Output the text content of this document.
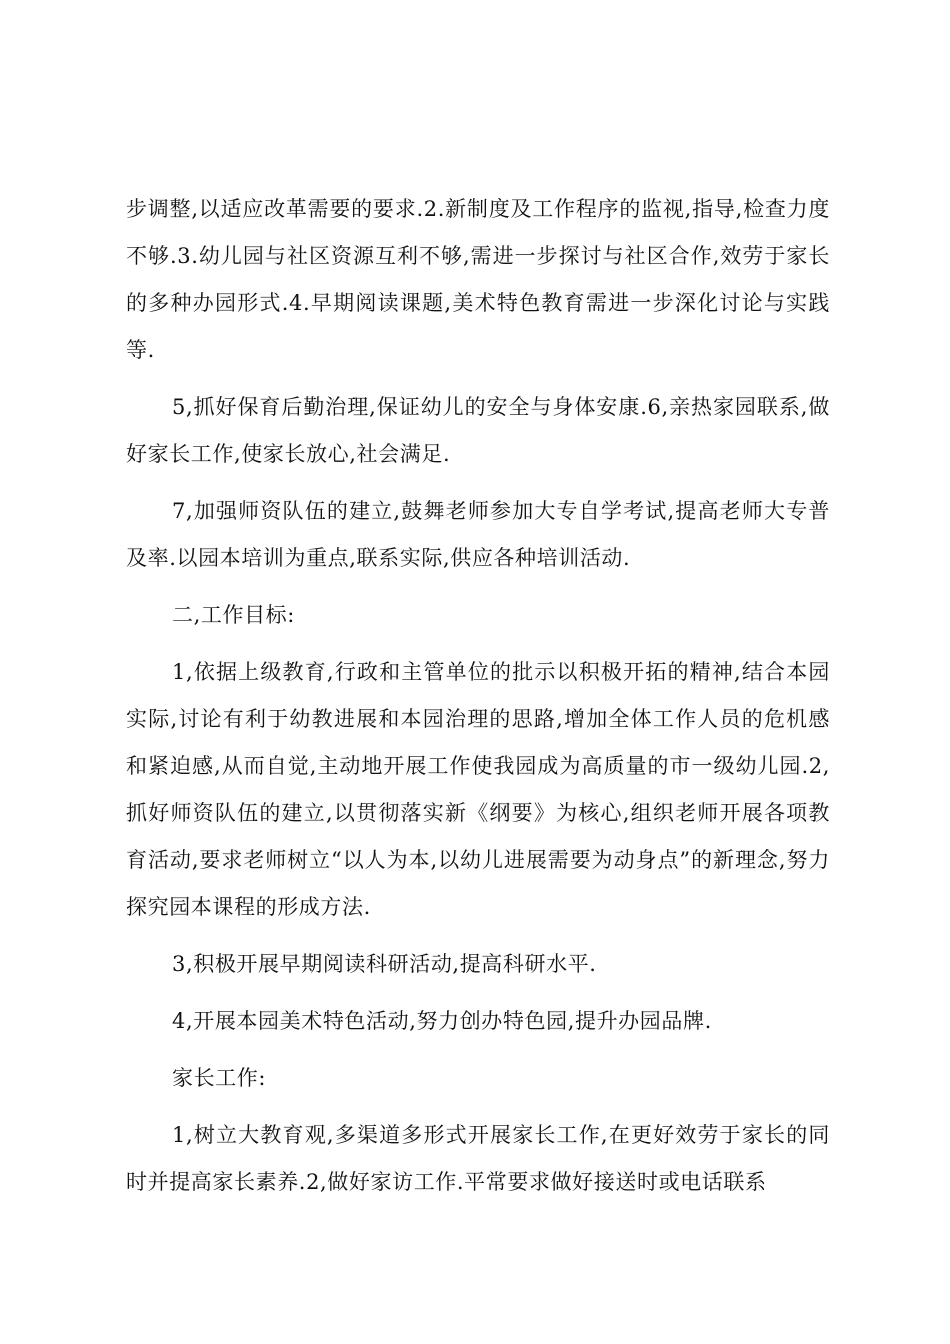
步调整,以适应改革需要的要求.2.新制度及工作程序的监视,指导,检查力度不够.3.幼儿园与社区资源互利不够,需进一步探讨与社区合作,效劳于家长的多种办园形式.4.早期阅读课题,美术特色教育需进一步深化讨论与实践等.

5,抓好保育后勤治理,保证幼儿的安全与身体安康.6,亲热家园联系,做好家长工作,使家长放心,社会满足.

7,加强师资队伍的建立,鼓舞老师参加大专自学考试,提高老师大专普及率.以园本培训为重点,联系实际,供应各种培训活动.

二,工作目标:

1,依据上级教育,行政和主管单位的批示以积极开拓的精神,结合本园实际,讨论有利于幼教进展和本园治理的思路,增加全体工作人员的危机感和紧迫感,从而自觉,主动地开展工作使我园成为高质量的市一级幼儿园.2,抓好师资队伍的建立,以贯彻落实新《纲要》为核心,组织老师开展各项教育活动,要求老师树立“以人为本,以幼儿进展需要为动身点”的新理念,努力探究园本课程的形成方法.

3,积极开展早期阅读科研活动,提高科研水平.

4,开展本园美术特色活动,努力创办特色园,提升办园品牌.

家长工作:

1,树立大教育观,多渠道多形式开展家长工作,在更好效劳于家长的同时并提高家长素养.2,做好家访工作.平常要求做好接送时或电话联系
